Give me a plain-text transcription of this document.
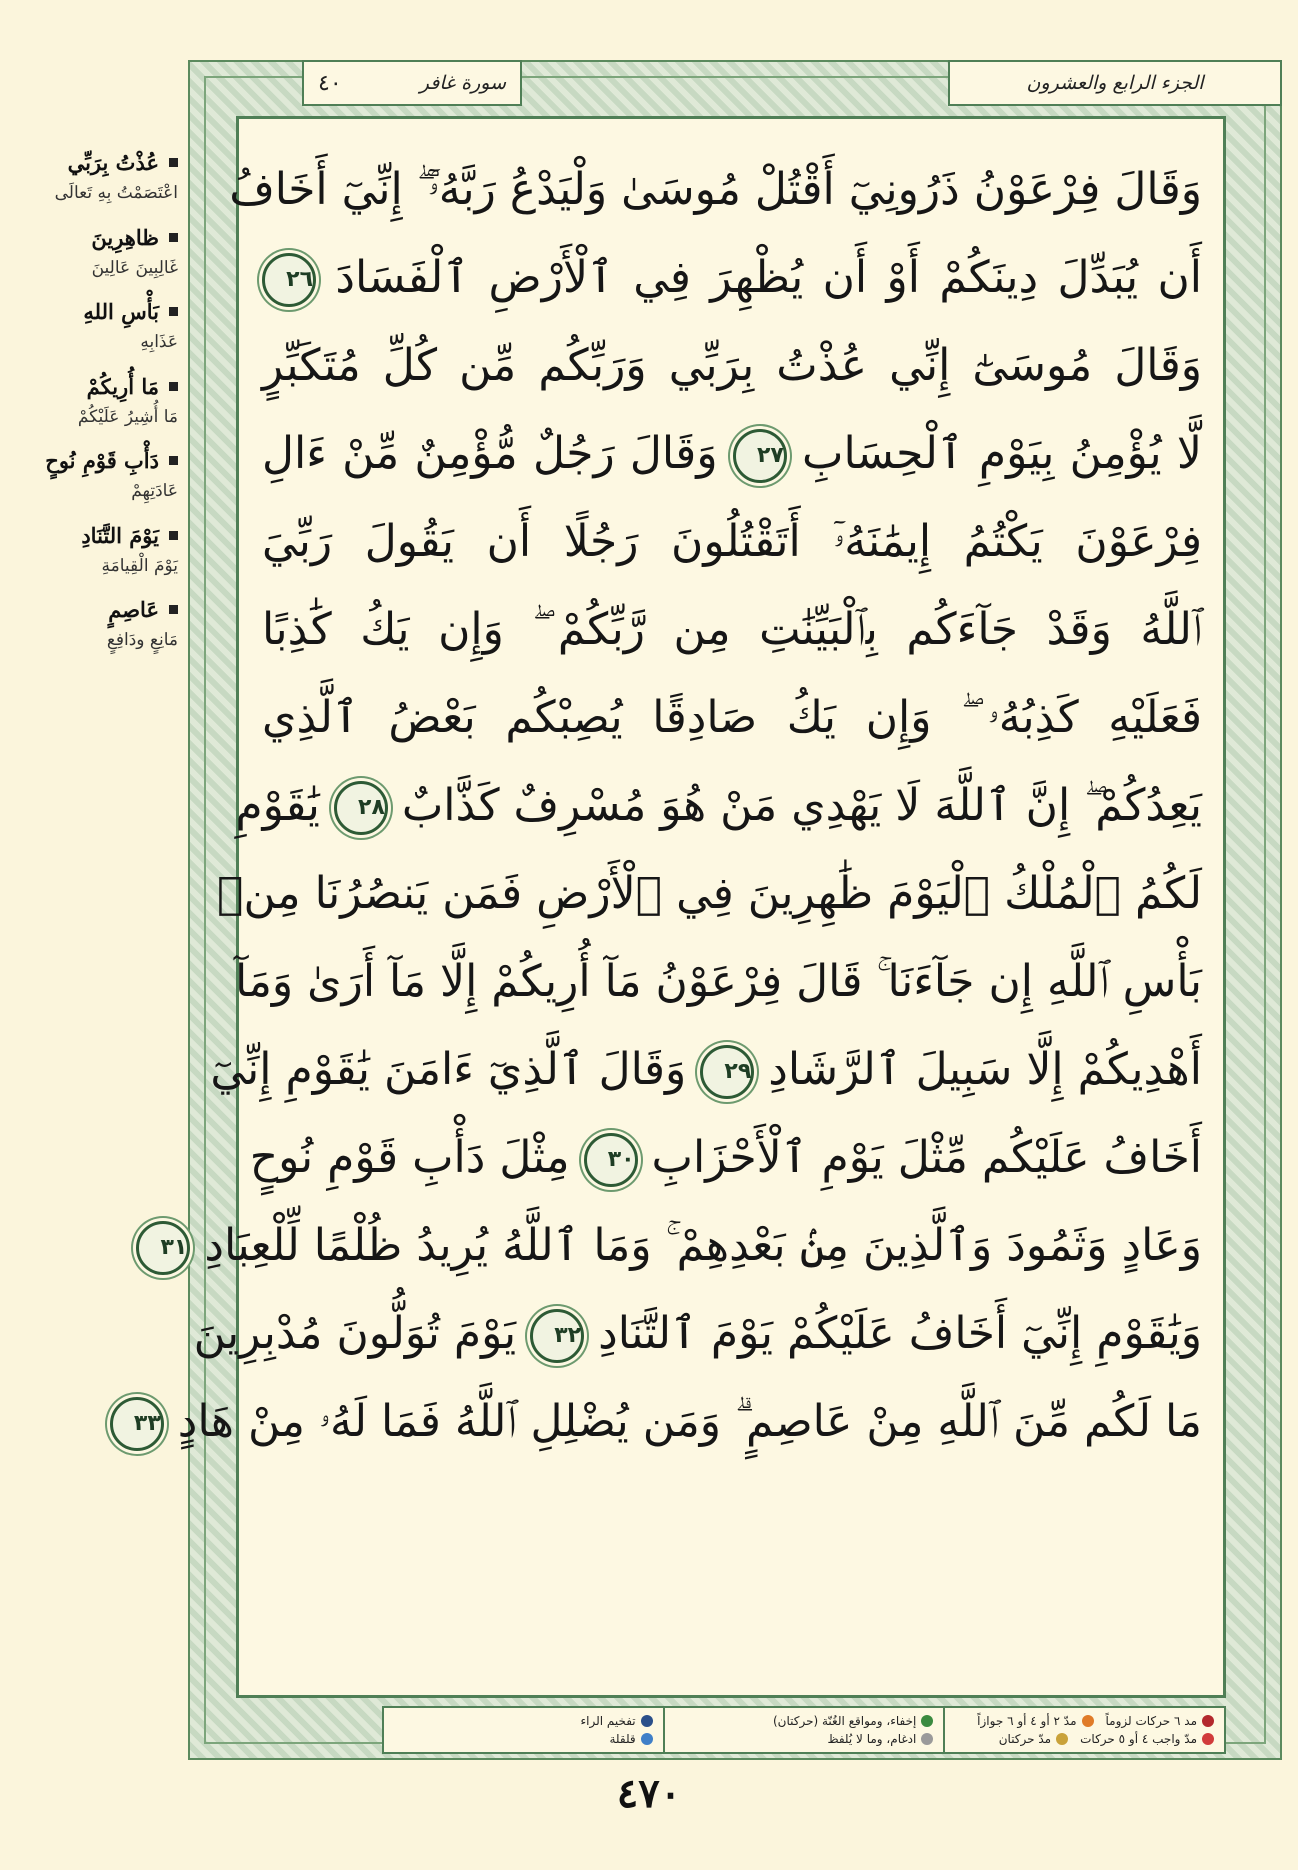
عُذْتُ بِرَبِّي
اعْتَصَمْتُ بِهِ تَعالَى
ظاهِرِينَ
غَالِبِينَ عَالِينَ
بَأْسِ اللهِ
عَذَابِهِ
مَا أُرِيكُمْ
مَا أُشِيرُ عَلَيْكُمْ
دَأْبِ قَوْمِ نُوحٍ
عَادَتِهِمْ
يَوْمَ التَّنَادِ
يَوْمَ الْقِيامَةِ
عَاصِمٍ
مَانِعٍ ودَافِعٍ
الجزء الرابع والعشرون
سورة غافر
٤٠
وَقَالَ فِرْعَوْنُ ذَرُونِيٓ أَقْتُلْ مُوسَىٰ وَلْيَدْعُ رَبَّهُۥٓ ۖ إِنِّيٓ أَخَافُ
أَن يُبَدِّلَ دِينَكُمْ أَوْ أَن يُظْهِرَ فِي ٱلْأَرْضِ ٱلْفَسَادَ ٢٦
وَقَالَ مُوسَىٰٓ إِنِّي عُذْتُ بِرَبِّي وَرَبِّكُم مِّن كُلِّ مُتَكَبِّرٍ
لَّا يُؤْمِنُ بِيَوْمِ ٱلْحِسَابِ ٢٧ وَقَالَ رَجُلٌ مُّؤْمِنٌ مِّنْ ءَالِ
فِرْعَوْنَ يَكْتُمُ إِيمَٰنَهُۥٓ أَتَقْتُلُونَ رَجُلًا أَن يَقُولَ رَبِّيَ
ٱللَّهُ وَقَدْ جَآءَكُم بِٱلْبَيِّنَٰتِ مِن رَّبِّكُمْ ۖ وَإِن يَكُ كَٰذِبًا
فَعَلَيْهِ كَذِبُهُۥ ۖ وَإِن يَكُ صَادِقًا يُصِبْكُم بَعْضُ ٱلَّذِي
يَعِدُكُمْ ۖ إِنَّ ٱللَّهَ لَا يَهْدِي مَنْ هُوَ مُسْرِفٌ كَذَّابٌ ٢٨ يَٰقَوْمِ
لَكُمُ ٱلْمُلْكُ ٱلْيَوْمَ ظَٰهِرِينَ فِي ٱلْأَرْضِ فَمَن يَنصُرُنَا مِنۢ
بَأْسِ ٱللَّهِ إِن جَآءَنَا ۚ قَالَ فِرْعَوْنُ مَآ أُرِيكُمْ إِلَّا مَآ أَرَىٰ وَمَآ
أَهْدِيكُمْ إِلَّا سَبِيلَ ٱلرَّشَادِ ٢٩ وَقَالَ ٱلَّذِيٓ ءَامَنَ يَٰقَوْمِ إِنِّيٓ
أَخَافُ عَلَيْكُم مِّثْلَ يَوْمِ ٱلْأَحْزَابِ ٣٠ مِثْلَ دَأْبِ قَوْمِ نُوحٍ
وَعَادٍ وَثَمُودَ وَٱلَّذِينَ مِنۢ بَعْدِهِمْ ۚ وَمَا ٱللَّهُ يُرِيدُ ظُلْمًا لِّلْعِبَادِ ٣١
وَيَٰقَوْمِ إِنِّيٓ أَخَافُ عَلَيْكُمْ يَوْمَ ٱلتَّنَادِ ٣٢ يَوْمَ تُوَلُّونَ مُدْبِرِينَ
مَا لَكُم مِّنَ ٱللَّهِ مِنْ عَاصِمٍ ۗ وَمَن يُضْلِلِ ٱللَّهُ فَمَا لَهُۥ مِنْ هَادٍ ٣٣
مد ٦ حركات لزوماً
مدّ ٢ أو ٤ أو ٦ جوازاً
مدّ واجب ٤ أو ٥ حركات
مدّ حركتان
إخفاء، ومواقع الغُنّة (حركتان)
ادغام، وما لا يُلفظ
تفخيم الراء
قلقلة
٤٧٠
